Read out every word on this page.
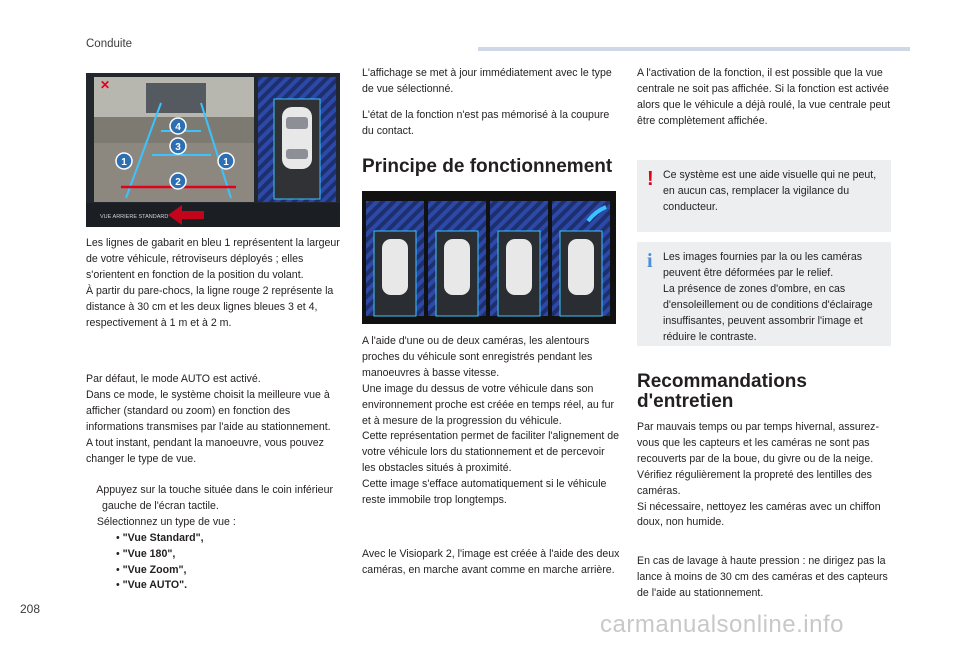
Conduite
1	1
2
3
4
✕
VUE ARRIERE STANDARD
Les lignes de gabarit en bleu 1 représentent la largeur de votre véhicule, rétroviseurs déployés ; elles s'orientent en fonction de la position du volant.
À partir du pare-chocs, la ligne rouge 2 représente la distance à 30 cm et les deux lignes bleues 3 et 4, respectivement à 1 m et à 2 m.
Par défaut, le mode AUTO est activé.
Dans ce mode, le système choisit la meilleure vue à afficher (standard ou zoom) en fonction des informations transmises par l'aide au stationnement.
A tout instant, pendant la manoeuvre, vous pouvez changer le type de vue.
Appuyez sur la touche située dans le coin inférieur gauche de l'écran tactile.
Sélectionnez un type de vue :
• "Vue Standard",
• "Vue 180",
• "Vue Zoom",
• "Vue AUTO".
L'affichage se met à jour immédiatement avec le type de vue sélectionné.
L'état de la fonction n'est pas mémorisé à la coupure du contact.
Principe de fonctionnement
A l'aide d'une ou de deux caméras, les alentours proches du véhicule sont enregistrés pendant les manoeuvres à basse vitesse.
Une image du dessus de votre véhicule dans son environnement proche est créée en temps réel, au fur et à mesure de la progression du véhicule.
Cette représentation permet de faciliter l'alignement de votre véhicule lors du stationnement et de percevoir les obstacles situés à proximité.
Cette image s'efface automatiquement si le véhicule reste immobile trop longtemps.
Avec le Visiopark 2, l'image est créée à l'aide des deux caméras, en marche avant comme en marche arrière.
A l'activation de la fonction, il est possible que la vue centrale ne soit pas affichée. Si la fonction est activée alors que le véhicule a déjà roulé, la vue centrale peut être complètement affichée.
! Ce système est une aide visuelle qui ne peut, en aucun cas, remplacer la vigilance du conducteur.
i Les images fournies par la ou les caméras peuvent être déformées par le relief.
La présence de zones d'ombre, en cas d'ensoleillement ou de conditions d'éclairage insuffisantes, peuvent assombrir l'image et réduire le contraste.
Recommandations d'entretien
Par mauvais temps ou par temps hivernal, assurez-vous que les capteurs et les caméras ne sont pas recouverts par de la boue, du givre ou de la neige.
Vérifiez régulièrement la propreté des lentilles des caméras.
Si nécessaire, nettoyez les caméras avec un chiffon doux, non humide.
En cas de lavage à haute pression : ne dirigez pas la lance à moins de 30 cm des caméras et des capteurs de l'aide au stationnement.
208
carmanualsonline.info
